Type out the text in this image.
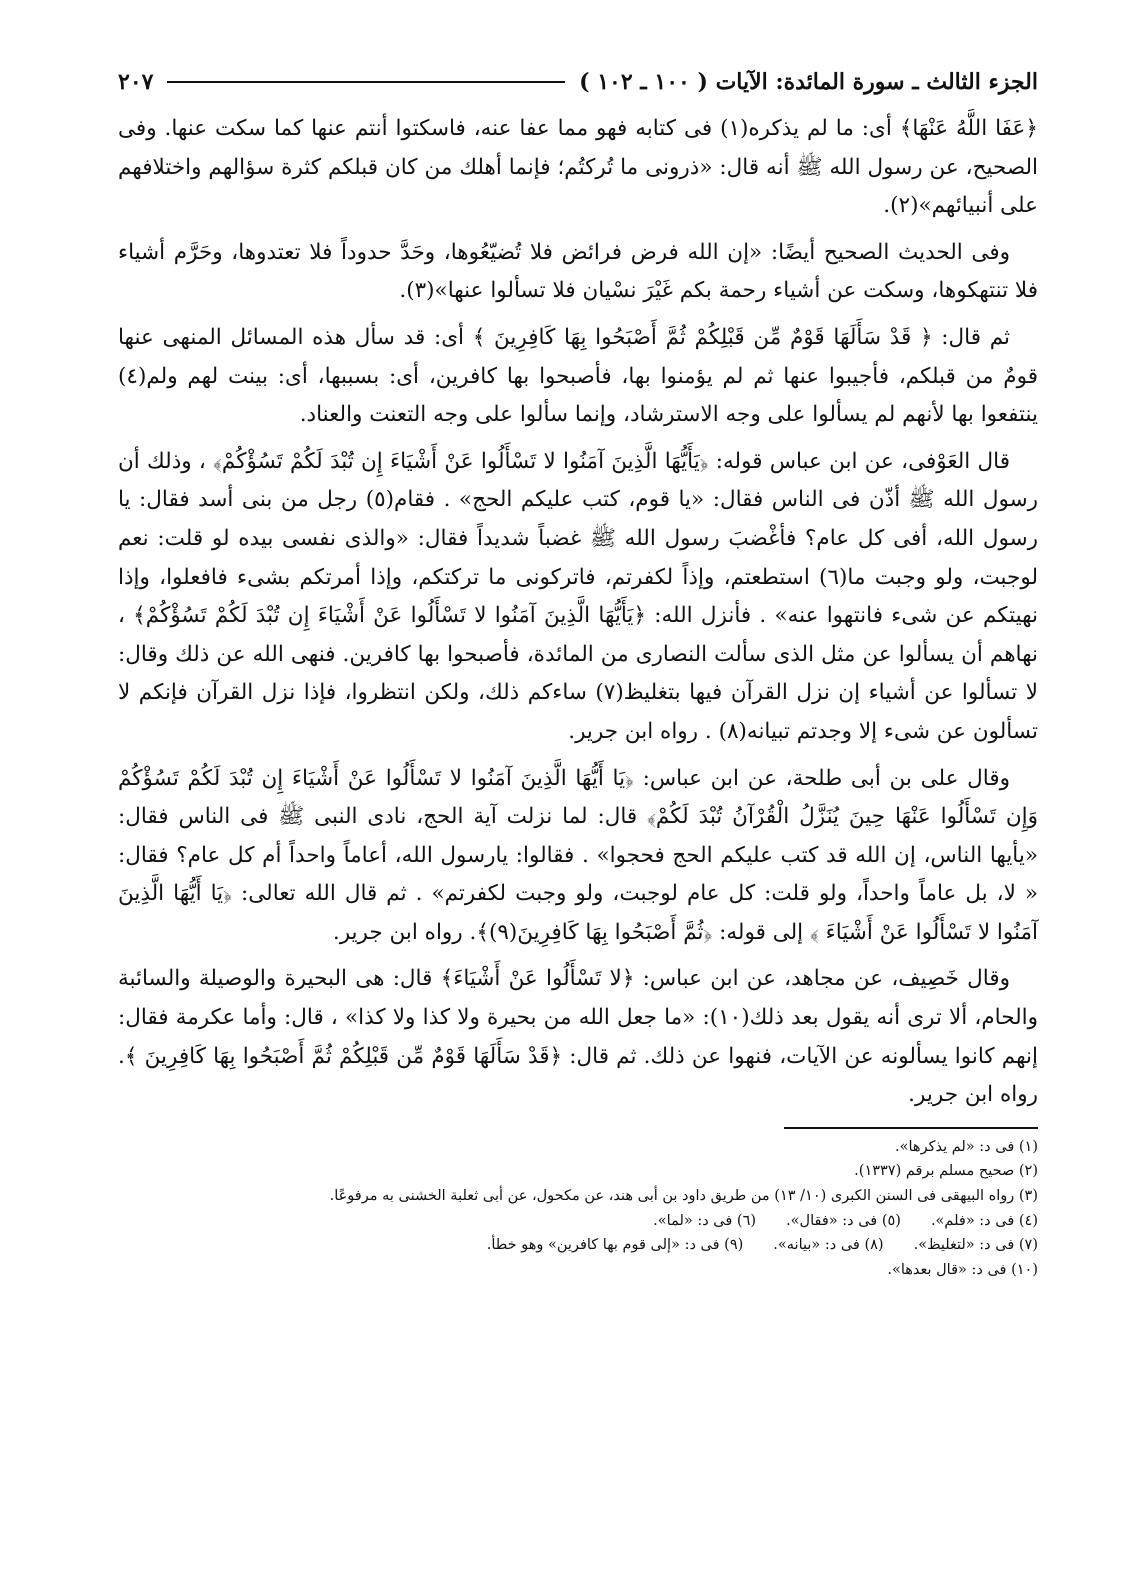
الجزء الثالث ـ سورة المائدة: الآيات ( ١٠٠ ـ ١٠٢ )
٢٠٧

﴿عَفَا اللَّهُ عَنْهَا﴾ أى: ما لم يذكره(١) فى كتابه فهو مما عفا عنه، فاسكتوا أنتم عنها كما سكت عنها. وفى الصحيح، عن رسول الله ﷺ أنه قال: «ذرونى ما تُركتُم؛ فإنما أهلك من كان قبلكم كثرة سؤالهم واختلافهم على أنبيائهم»(٢).

وفى الحديث الصحيح أيضًا: «إن الله فرض فرائض فلا تُضيّعُوها، وحَدَّ حدوداً فلا تعتدوها، وحَرَّم أشياء فلا تنتهكوها، وسكت عن أشياء رحمة بكم غَيْرَ نسْيان فلا تسألوا عنها»(٣).

ثم قال: ﴿ قَدْ سَأَلَهَا قَوْمٌ مِّن قَبْلِكُمْ ثُمَّ أَصْبَحُوا بِهَا كَافِرِينَ ﴾ أى: قد سأل هذه المسائل المنهى عنها قومٌ من قبلكم، فأجيبوا عنها ثم لم يؤمنوا بها، فأصبحوا بها كافرين، أى: بسببها، أى: بينت لهم ولم(٤) ينتفعوا بها لأنهم لم يسألوا على وجه الاسترشاد، وإنما سألوا على وجه التعنت والعناد.

قال العَوْفى، عن ابن عباس قوله: ﴿يَأَيُّهَا الَّذِينَ آمَنُوا لا تَسْأَلُوا عَنْ أَشْيَاءَ إِن تُبْدَ لَكُمْ تَسُؤْكُمْ﴾ ، وذلك أن رسول الله ﷺ أذّن فى الناس فقال: «يا قوم، كتب عليكم الحج» . فقام(٥) رجل من بنى أسد فقال: يا رسول الله، أفى كل عام؟ فأغْضبَ رسول الله ﷺ غضباً شديداً فقال: «والذى نفسى بيده لو قلت: نعم لوجبت، ولو وجبت ما(٦) استطعتم، وإذاً لكفرتم، فاتركونى ما تركتكم، وإذا أمرتكم بشىء فافعلوا، وإذا نهيتكم عن شىء فانتهوا عنه» . فأنزل الله: ﴿يَأَيُّهَا الَّذِينَ آمَنُوا لا تَسْأَلُوا عَنْ أَشْيَاءَ إِن تُبْدَ لَكُمْ تَسُؤْكُمْ﴾ ، نهاهم أن يسألوا عن مثل الذى سألت النصارى من المائدة، فأصبحوا بها كافرين. فنهى الله عن ذلك وقال: لا تسألوا عن أشياء إن نزل القرآن فيها بتغليظ(٧) ساءكم ذلك، ولكن انتظروا، فإذا نزل القرآن فإنكم لا تسألون عن شىء إلا وجدتم تبيانه(٨) . رواه ابن جرير.

وقال على بن أبى طلحة، عن ابن عباس: ﴿يَا أَيُّهَا الَّذِينَ آمَنُوا لا تَسْأَلُوا عَنْ أَشْيَاءَ إِن تُبْدَ لَكُمْ تَسُؤْكُمْ وَإِن تَسْأَلُوا عَنْهَا حِينَ يُنَزَّلُ الْقُرْآنُ تُبْدَ لَكُمْ﴾ قال: لما نزلت آية الحج، نادى النبى ﷺ فى الناس فقال: «يأيها الناس، إن الله قد كتب عليكم الحج فحجوا» . فقالوا: يارسول الله، أعاماً واحداً أم كل عام؟ فقال: « لا، بل عاماً واحداً، ولو قلت: كل عام لوجبت، ولو وجبت لكفرتم» . ثم قال الله تعالى: ﴿يَا أَيُّهَا الَّذِينَ آمَنُوا لا تَسْأَلُوا عَنْ أَشْيَاءَ ﴾ إلى قوله: ﴿ثُمَّ أَصْبَحُوا بِهَا كَافِرِينَ(٩)﴾. رواه ابن جرير.

وقال خَصِيف، عن مجاهد، عن ابن عباس: ﴿لا تَسْأَلُوا عَنْ أَشْيَاءَ﴾ قال: هى البحيرة والوصيلة والسائبة والحام، ألا ترى أنه يقول بعد ذلك(١٠): «ما جعل الله من بحيرة ولا كذا ولا كذا» ، قال: وأما عكرمة فقال: إنهم كانوا يسألونه عن الآيات، فنهوا عن ذلك. ثم قال: ﴿قَدْ سَأَلَهَا قَوْمٌ مِّن قَبْلِكُمْ ثُمَّ أَصْبَحُوا بِهَا كَافِرِينَ ﴾. رواه ابن جرير.

(١) فى د: «لم يذكرها».
(٢) صحيح مسلم برقم (١٣٣٧).
(٣) رواه البيهقى فى السنن الكبرى (١٠/ ١٣) من طريق داود بن أبى هند، عن مكحول، عن أبى ثعلبة الخشنى به مرفوعًا.
(٤) فى د: «فلم».
(٥) فى د: «فقال».
(٦) فى د: «لما».
(٧) فى د: «لتغليظ».
(٨) فى د: «بيانه».
(٩) فى د: «إلى قوم بها كافرين» وهو خطأ.
(١٠) فى د: «قال بعدها».
